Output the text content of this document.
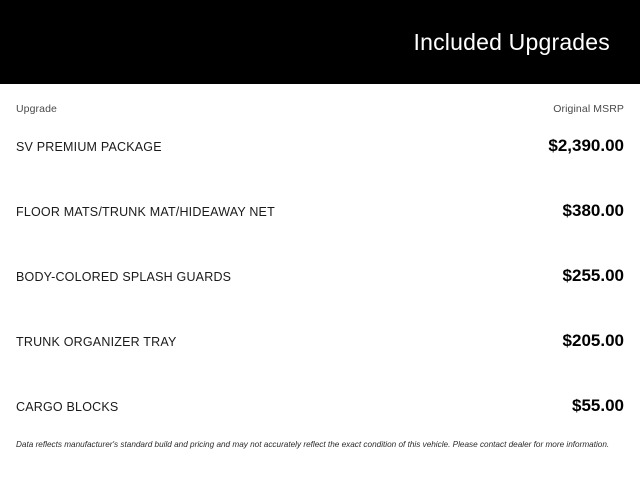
Included Upgrades
Upgrade	Original MSRP
SV PREMIUM PACKAGE	$2,390.00
FLOOR MATS/TRUNK MAT/HIDEAWAY NET	$380.00
BODY-COLORED SPLASH GUARDS	$255.00
TRUNK ORGANIZER TRAY	$205.00
CARGO BLOCKS	$55.00
Data reflects manufacturer's standard build and pricing and may not accurately reflect the exact condition of this vehicle. Please contact dealer for more information.
